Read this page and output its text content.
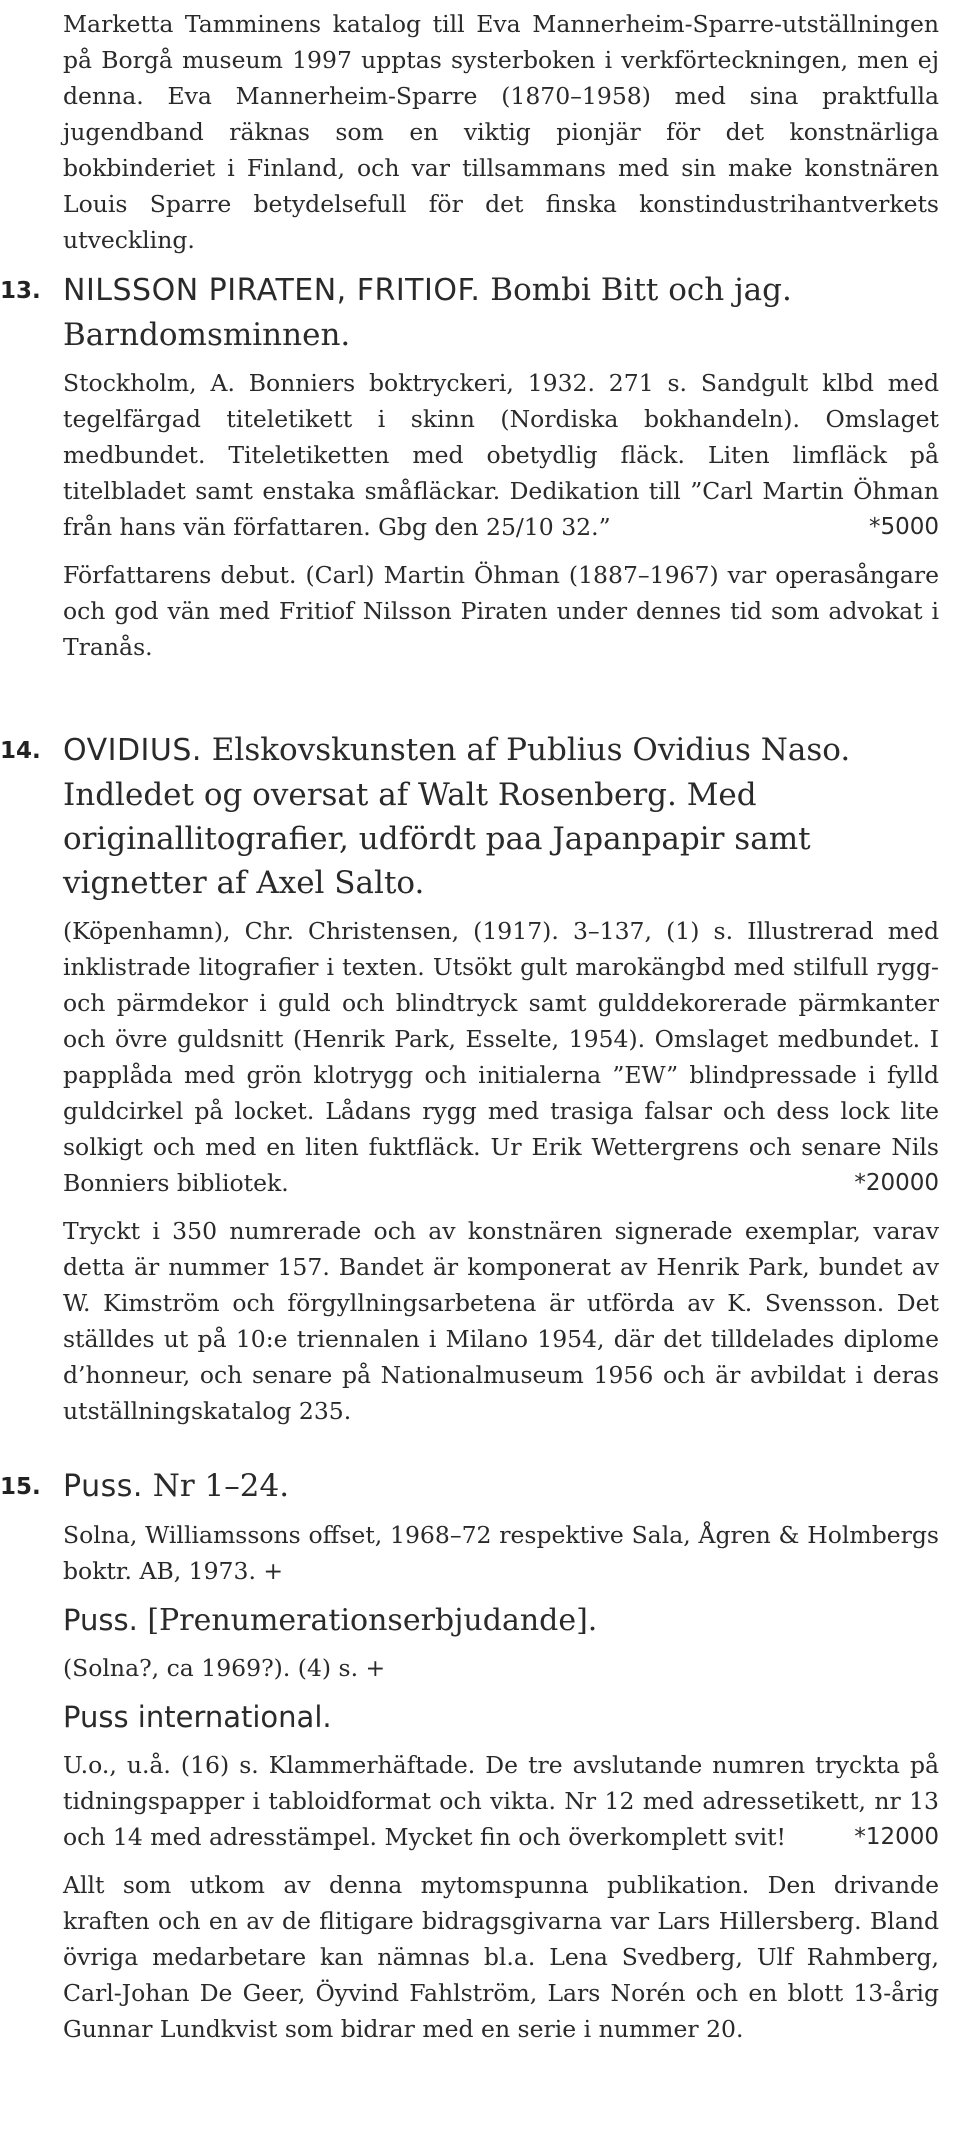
Marketta Tamminens katalog till Eva Mannerheim-Sparre-utställningen på Borgå museum 1997 upptas systerboken i verkförteckningen, men ej denna. Eva Mannerheim-Sparre (1870–1958) med sina praktfulla jugendband räknas som en viktig pionjär för det konstnärliga bokbinderiet i Finland, och var tillsammans med sin make konstnären Louis Sparre betydelsefull för det finska konstindustrihantverkets utveckling.

13. NILSSON PIRATEN, FRITIOF. Bombi Bitt och jag. Barndomsminnen.

Stockholm, A. Bonniers boktryckeri, 1932. 271 s. Sandgult klbd med tegelfärgad titeletikett i skinn (Nordiska bokhandeln). Omslaget medbundet. Titeletiketten med obetydlig fläck. Liten limfläck på titelbladet samt enstaka småfläckar. Dedikation till ”Carl Martin Öhman från hans vän författaren. Gbg den 25/10 32.”	*5000

Författarens debut. (Carl) Martin Öhman (1887–1967) var operasångare och god vän med Fritiof Nilsson Piraten under dennes tid som advokat i Tranås.

14. OVIDIUS. Elskovskunsten af Publius Ovidius Naso. Indledet og oversat af Walt Rosenberg. Med originallitografier, udfördt paa Japanpapir samt vignetter af Axel Salto.

(Köpenhamn), Chr. Christensen, (1917). 3–137, (1) s. Illustrerad med inklistrade litografier i texten. Utsökt gult marokängbd med stilfull rygg- och pärmdekor i guld och blindtryck samt gulddekorerade pärmkanter och övre guldsnitt (Henrik Park, Esselte, 1954). Omslaget medbundet. I papplåda med grön klotrygg och initialerna ”EW” blindpressade i fylld guldcirkel på locket. Lådans rygg med trasiga falsar och dess lock lite solkigt och med en liten fuktfläck. Ur Erik Wettergrens och senare Nils Bonniers bibliotek.	*20000

Tryckt i 350 numrerade och av konstnären signerade exemplar, varav detta är nummer 157. Bandet är komponerat av Henrik Park, bundet av W. Kimström och förgyllningsarbetena är utförda av K. Svensson. Det ställdes ut på 10:e triennalen i Milano 1954, där det tilldelades diplome d’honneur, och senare på Nationalmuseum 1956 och är avbildat i deras utställningskatalog 235.

15. Puss. Nr 1–24.

Solna, Williamssons offset, 1968–72 respektive Sala, Ågren & Holmbergs boktr. AB, 1973. +

Puss. [Prenumerationserbjudande].

(Solna?, ca 1969?). (4) s. +

Puss international.

U.o., u.å. (16) s. Klammerhäftade. De tre avslutande numren tryckta på tidningspapper i tabloidformat och vikta. Nr 12 med adressetikett, nr 13 och 14 med adresstämpel. Mycket fin och överkomplett svit!	*12000

Allt som utkom av denna mytomspunna publikation. Den drivande kraften och en av de flitigare bidragsgivarna var Lars Hillersberg. Bland övriga medarbetare kan nämnas bl.a. Lena Svedberg, Ulf Rahmberg, Carl-Johan De Geer, Öyvind Fahlström, Lars Norén och en blott 13-årig Gunnar Lundkvist som bidrar med en serie i nummer 20.
